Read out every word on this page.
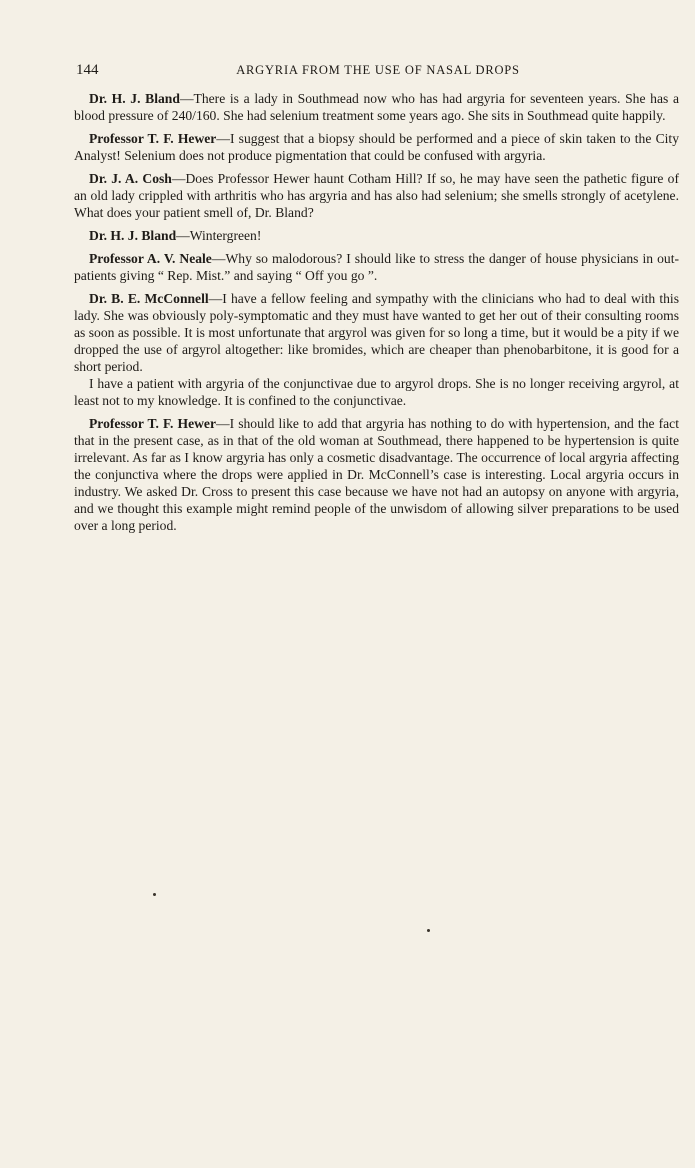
144	ARGYRIA FROM THE USE OF NASAL DROPS

Dr. H. J. Bland—There is a lady in Southmead now who has had argyria for seventeen years. She has a blood pressure of 240/160. She had selenium treatment some years ago. She sits in Southmead quite happily.

Professor T. F. Hewer—I suggest that a biopsy should be performed and a piece of skin taken to the City Analyst! Selenium does not produce pigmentation that could be confused with argyria.

Dr. J. A. Cosh—Does Professor Hewer haunt Cotham Hill? If so, he may have seen the pathetic figure of an old lady crippled with arthritis who has argyria and has also had selenium; she smells strongly of acetylene. What does your patient smell of, Dr. Bland?

Dr. H. J. Bland—Wintergreen!

Professor A. V. Neale—Why so malodorous? I should like to stress the danger of house physicians in out-patients giving “ Rep. Mist.” and saying “ Off you go ”.

Dr. B. E. McConnell—I have a fellow feeling and sympathy with the clinicians who had to deal with this lady. She was obviously poly-symptomatic and they must have wanted to get her out of their consulting rooms as soon as possible. It is most unfortunate that argyrol was given for so long a time, but it would be a pity if we dropped the use of argyrol altogether: like bromides, which are cheaper than phenobarbitone, it is good for a short period.

I have a patient with argyria of the conjunctivae due to argyrol drops. She is no longer receiving argyrol, at least not to my knowledge. It is confined to the conjunctivae.

Professor T. F. Hewer—I should like to add that argyria has nothing to do with hypertension, and the fact that in the present case, as in that of the old woman at Southmead, there happened to be hypertension is quite irrelevant. As far as I know argyria has only a cosmetic disadvantage. The occurrence of local argyria affecting the conjunctiva where the drops were applied in Dr. McConnell’s case is interesting. Local argyria occurs in industry. We asked Dr. Cross to present this case because we have not had an autopsy on anyone with argyria, and we thought this example might remind people of the unwisdom of allowing silver preparations to be used over a long period.
